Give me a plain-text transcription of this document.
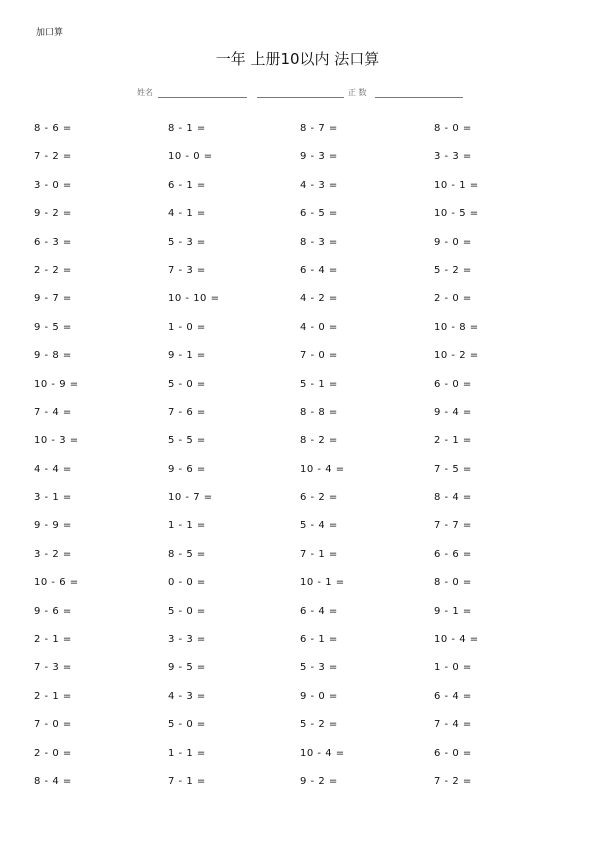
加口算
一年 上册10以内 法口算
姓名	正 数
8 - 6 =
7 - 2 =
3 - 0 =
9 - 2 =
6 - 3 =
2 - 2 =
9 - 7 =
9 - 5 =
9 - 8 =
10 - 9 =
7 - 4 =
10 - 3 =
4 - 4 =
3 - 1 =
9 - 9 =
3 - 2 =
10 - 6 =
9 - 6 =
2 - 1 =
7 - 3 =
2 - 1 =
7 - 0 =
2 - 0 =
8 - 4 =
8 - 1 =
10 - 0 =
6 - 1 =
4 - 1 =
5 - 3 =
7 - 3 =
10 - 10 =
1 - 0 =
9 - 1 =
5 - 0 =
7 - 6 =
5 - 5 =
9 - 6 =
10 - 7 =
1 - 1 =
8 - 5 =
0 - 0 =
5 - 0 =
3 - 3 =
9 - 5 =
4 - 3 =
5 - 0 =
1 - 1 =
7 - 1 =
8 - 7 =
9 - 3 =
4 - 3 =
6 - 5 =
8 - 3 =
6 - 4 =
4 - 2 =
4 - 0 =
7 - 0 =
5 - 1 =
8 - 8 =
8 - 2 =
10 - 4 =
6 - 2 =
5 - 4 =
7 - 1 =
10 - 1 =
6 - 4 =
6 - 1 =
5 - 3 =
9 - 0 =
5 - 2 =
10 - 4 =
9 - 2 =
8 - 0 =
3 - 3 =
10 - 1 =
10 - 5 =
9 - 0 =
5 - 2 =
2 - 0 =
10 - 8 =
10 - 2 =
6 - 0 =
9 - 4 =
2 - 1 =
7 - 5 =
8 - 4 =
7 - 7 =
6 - 6 =
8 - 0 =
9 - 1 =
10 - 4 =
1 - 0 =
6 - 4 =
7 - 4 =
6 - 0 =
7 - 2 =
